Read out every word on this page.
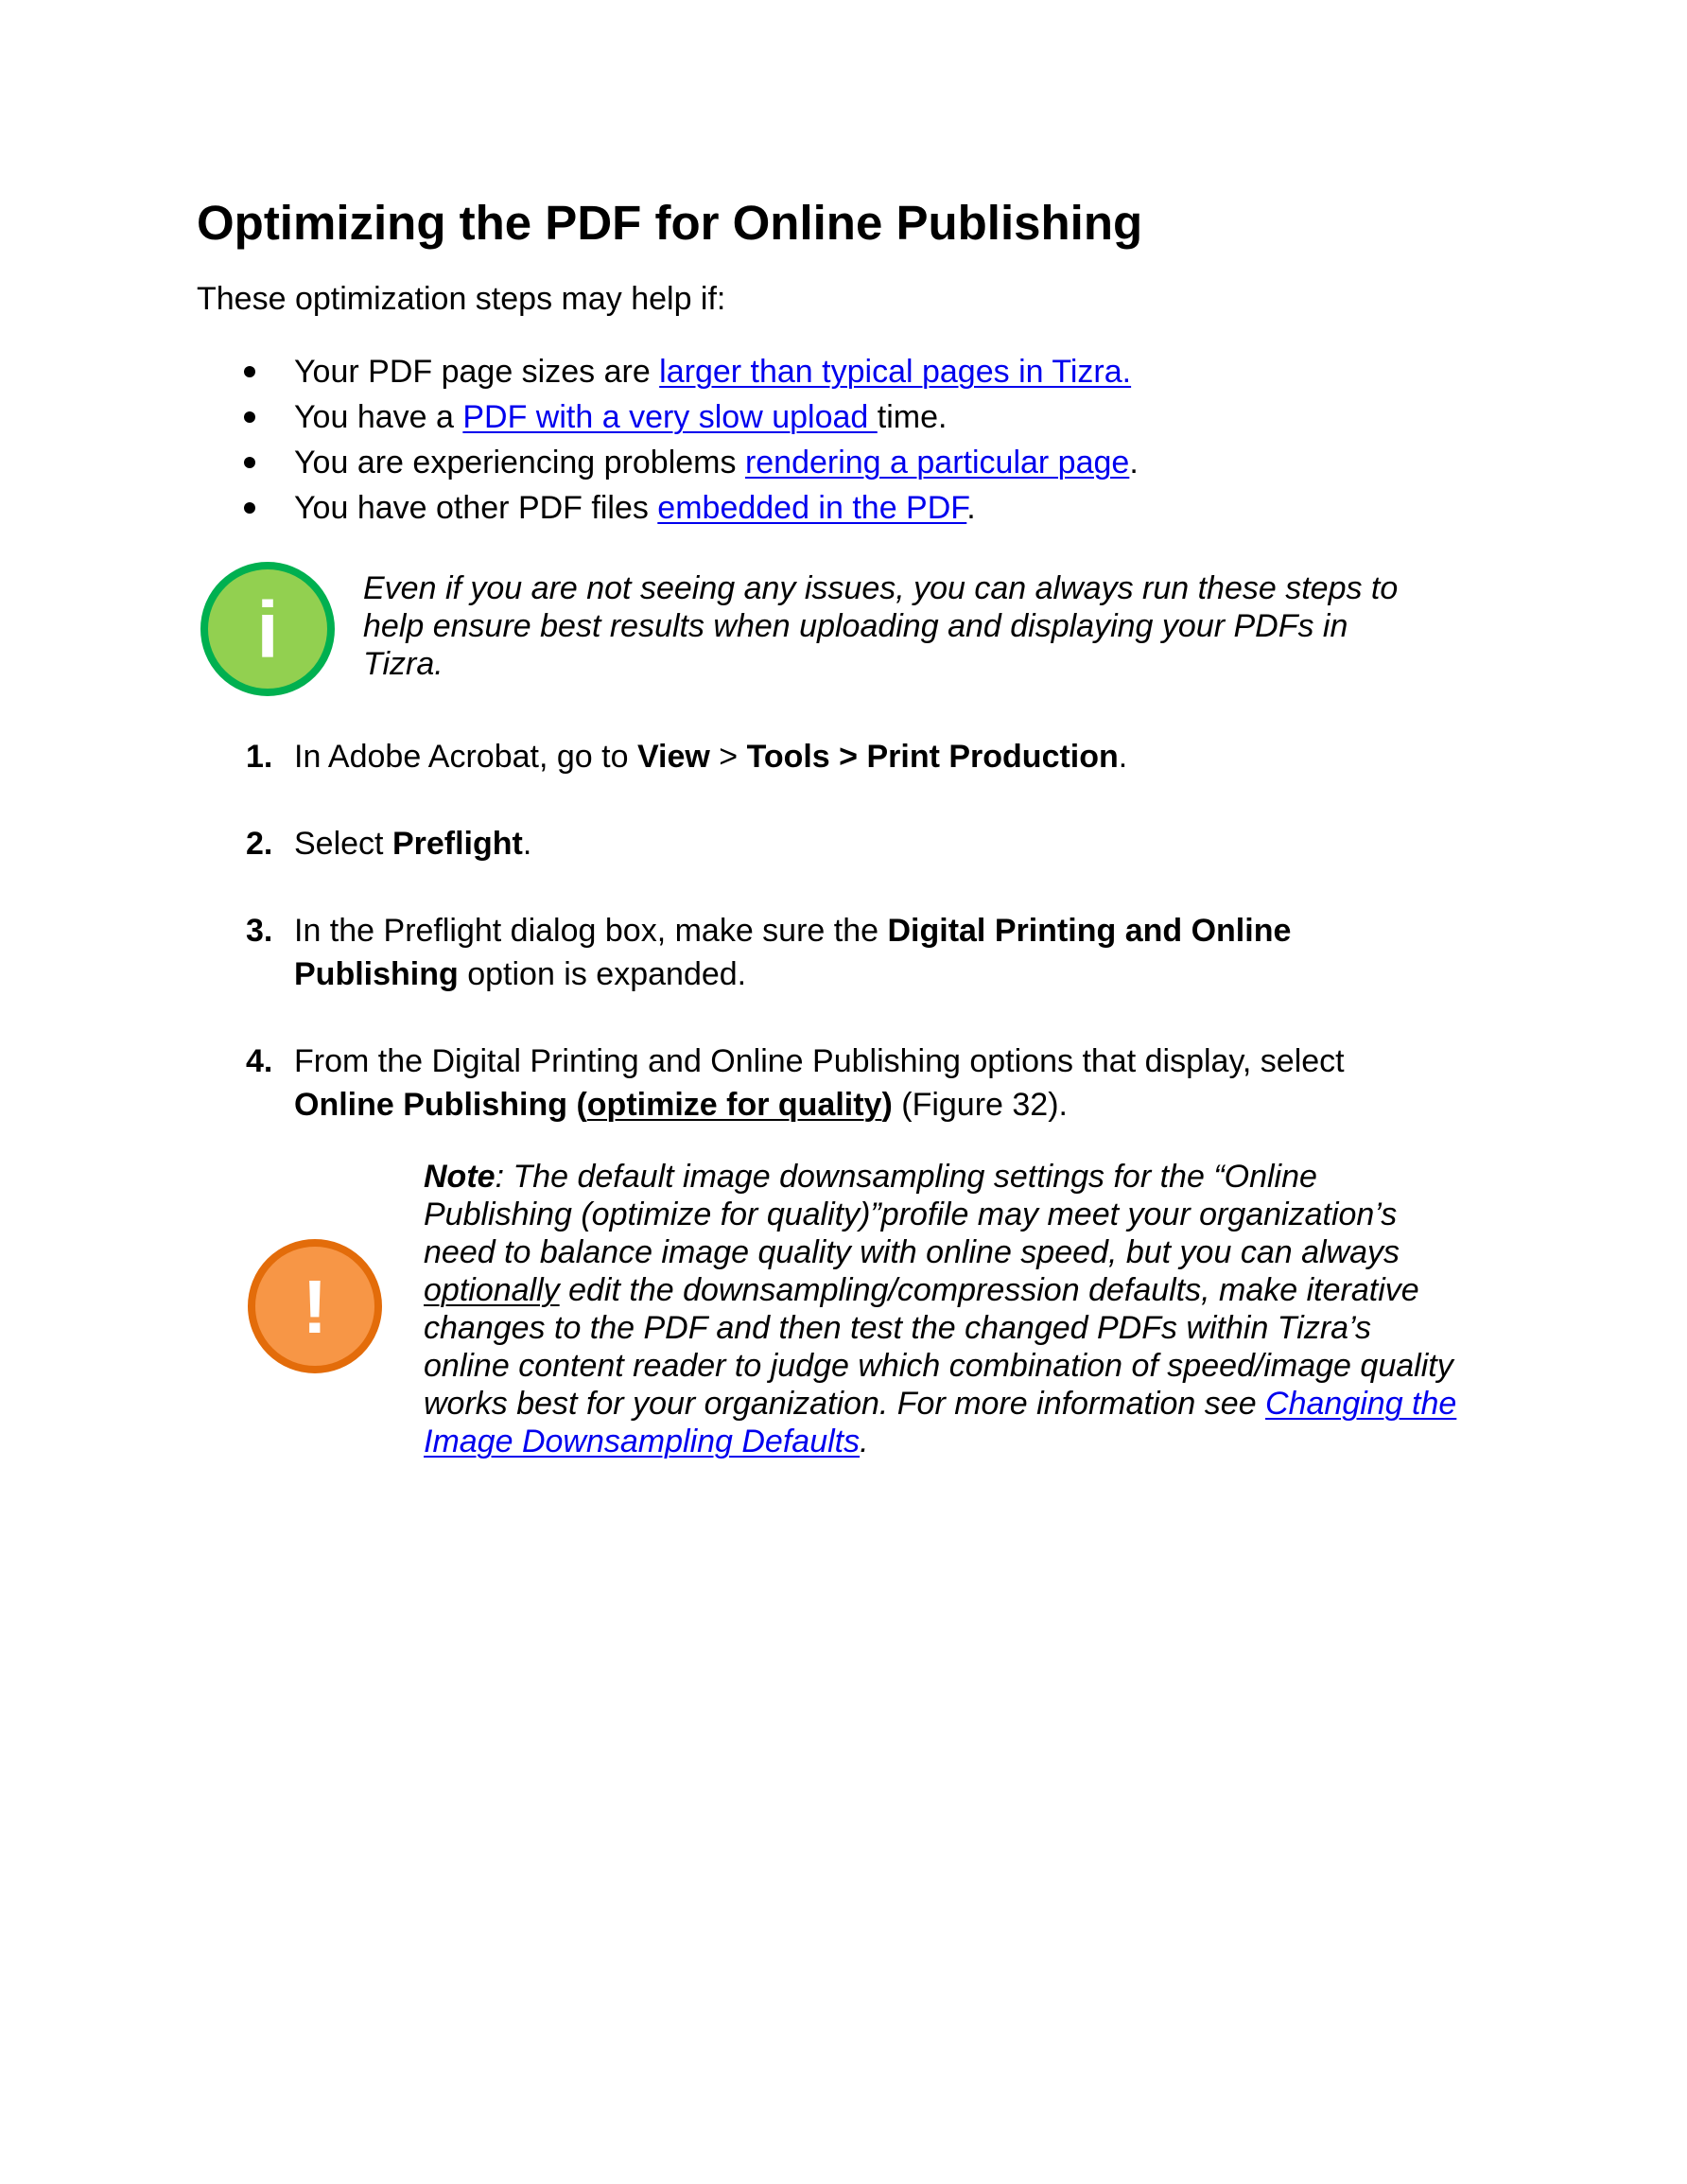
Optimizing the PDF for Online Publishing

These optimization steps may help if:

Your PDF page sizes are larger than typical pages in Tizra.
You have a PDF with a very slow upload time.
You are experiencing problems rendering a particular page.
You have other PDF files embedded in the PDF.
i	Even if you are not seeing any issues, you can always run these steps to
help ensure best results when uploading and displaying your PDFs in
Tizra.
1. In Adobe Acrobat, go to View > Tools > Print Production.
2. Select Preflight.
3. In the Preflight dialog box, make sure the Digital Printing and Online
Publishing option is expanded.
4. From the Digital Printing and Online Publishing options that display, select
Online Publishing (optimize for quality) (Figure 32).
!
Note: The default image downsampling settings for the “Online
Publishing (optimize for quality)”profile may meet your organization’s
need to balance image quality with online speed, but you can always
optionally edit the downsampling/compression defaults, make iterative
changes to the PDF and then test the changed PDFs within Tizra’s
online content reader to judge which combination of speed/image quality
works best for your organization. For more information see Changing the
Image Downsampling Defaults.
